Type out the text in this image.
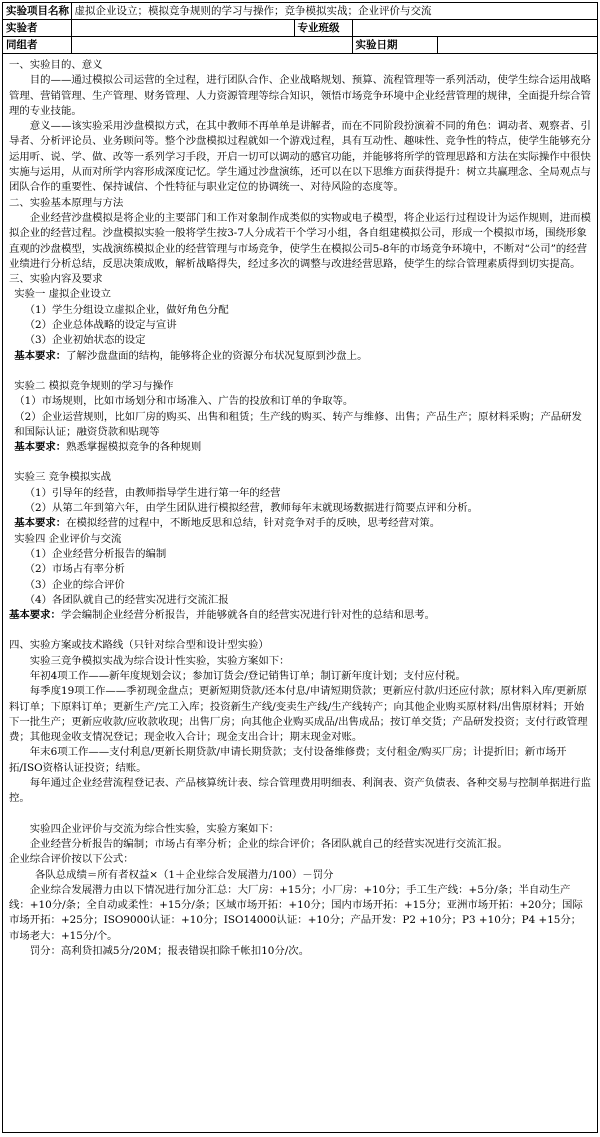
实验项目名称	虚拟企业设立；模拟竞争规则的学习与操作；竞争模拟实战；企业评价与交流			
实验者		专业班级		
同组者			实验日期	

一、实验目的、意义

目的——通过模拟公司运营的全过程，进行团队合作、企业战略规划、预算、流程管理等一系列活动，使学生综合运用战略管理、营销管理、生产管理、财务管理、人力资源管理等综合知识，领悟市场竞争环境中企业经营管理的规律，全面提升综合管理的专业技能。

意义——该实验采用沙盘模拟方式，在其中教师不再单单是讲解者，而在不同阶段扮演着不同的角色：调动者、观察者、引导者、分析评论员、业务顾问等。整个沙盘模拟过程就如一个游戏过程，具有互动性、趣味性、竞争性的特点，使学生能够充分运用听、说、学、做、改等一系列学习手段，开启一切可以调动的感官功能，并能够将所学的管理思路和方法在实际操作中很快实施与运用，从而对所学内容形成深度记忆。学生通过沙盘演练，还可以在以下思维方面获得提升：树立共赢理念、全局观点与团队合作的重要性、保持诚信、个性特征与职业定位的协调统一、对待风险的态度等。

二、实验基本原理与方法

企业经营沙盘模拟是将企业的主要部门和工作对象制作成类似的实物或电子模型，将企业运行过程设计为运作规则，进而模拟企业的经营过程。沙盘模拟实验一般将学生按3-7人分成若干个学习小组，各自组建模拟公司，形成一个模拟市场，围绕形象直观的沙盘模型，实战演练模拟企业的经营管理与市场竞争，使学生在模拟公司5-8年的市场竞争环境中，不断对“公司”的经营业绩进行分析总结，反思决策成败，解析战略得失，经过多次的调整与改进经营思路，使学生的综合管理素质得到切实提高。

三、实验内容及要求

实验一 虚拟企业设立

（1）学生分组设立虚拟企业，做好角色分配

（2）企业总体战略的设定与宣讲

（3）企业初始状态的设定

基本要求：了解沙盘盘面的结构，能够将企业的资源分布状况复原到沙盘上。

实验二 模拟竞争规则的学习与操作

（1）市场规则，比如市场划分和市场准入、广告的投放和订单的争取等。

（2）企业运营规则，比如厂房的购买、出售和租赁；生产线的购买、转产与维修、出售；产品生产；原材料采购；产品研发和国际认证；融资贷款和贴现等

基本要求：熟悉掌握模拟竞争的各种规则

实验三 竞争模拟实战

（1）引导年的经营，由教师指导学生进行第一年的经营

（2）从第二年到第六年，由学生团队进行模拟经营，教师每年末就现场数据进行简要点评和分析。

基本要求：在模拟经营的过程中，不断地反思和总结，针对竞争对手的反映，思考经营对策。

实验四 企业评价与交流

（1）企业经营分析报告的编制

（2）市场占有率分析

（3）企业的综合评价

（4）各团队就自己的经营实况进行交流汇报

基本要求：学会编制企业经营分析报告，并能够就各自的经营实况进行针对性的总结和思考。

四、实验方案或技术路线（只针对综合型和设计型实验）

实验三竞争模拟实战为综合设计性实验，实验方案如下：

年初4项工作——新年度规划会议；参加订货会/登记销售订单；制订新年度计划；支付应付税。

每季度19项工作——季初现金盘点；更新短期贷款/还本付息/申请短期贷款；更新应付款/归还应付款；原材料入库/更新原料订单；下原料订单；更新生产/完工入库；投资新生产线/变卖生产线/生产线转产；向其他企业购买原材料/出售原材料；开始下一批生产；更新应收款/应收款收现；出售厂房；向其他企业购买成品/出售成品；按订单交货；产品研发投资；支付行政管理费；其他现金收支情况登记；现金收入合计；现金支出合计；期末现金对账。

年末6项工作——支付利息/更新长期贷款/申请长期贷款；支付设备维修费；支付租金/购买厂房；计提折旧；新市场开拓/ISO资格认证投资；结账。

每年通过企业经营流程登记表、产品核算统计表、综合管理费用明细表、利润表、资产负债表、各种交易与控制单据进行监控。

实验四企业评价与交流为综合性实验，实验方案如下：

企业经营分析报告的编制；市场占有率分析；企业的综合评价；各团队就自己的经营实况进行交流汇报。

企业综合评价按以下公式：

各队总成绩＝所有者权益×（1＋企业综合发展潜力/100）－罚分

企业综合发展潜力由以下情况进行加分汇总：大厂房：+15分；小厂房：+10分；手工生产线：+5分/条；半自动生产线：+10分/条；全自动或柔性：+15分/条；区域市场开拓：+10分；国内市场开拓：+15分；亚洲市场开拓：+20分；国际市场开拓：+25分；ISO9000认证：+10分；ISO14000认证：+10分；产品开发：P2 +10分；P3 +10分；P4 +15分；市场老大：+15分/个。

罚分：高利贷扣减5分/20M；报表错误扣除千帐扣10分/次。
